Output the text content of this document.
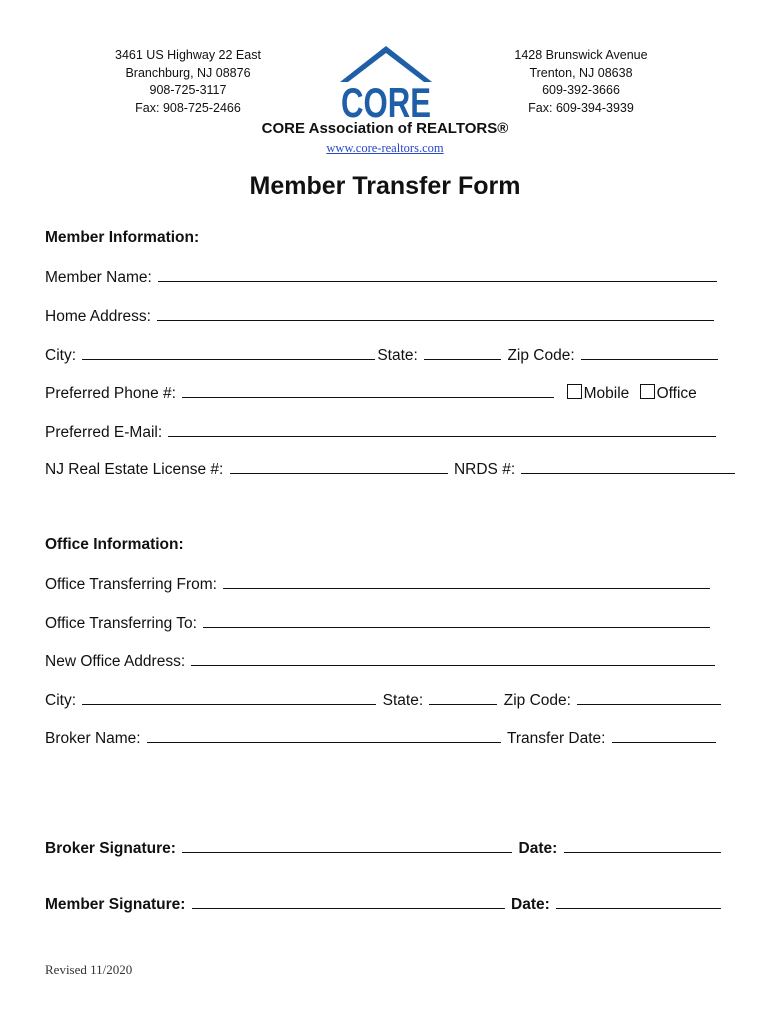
3461 US Highway 22 East
Branchburg, NJ 08876
908-725-3117
Fax: 908-725-2466
1428 Brunswick Avenue
Trenton, NJ 08638
609-392-3666
Fax: 609-394-3939
CORE
CORE Association of REALTORS®
www.core-realtors.com
Member Transfer Form
Member Information:
Member Name:
Home Address:
City:	State:	Zip Code:
Preferred Phone #:	Mobile Office
Preferred E-Mail:
NJ Real Estate License #:	NRDS #:
Office Information:
Office Transferring From:
Office Transferring To:
New Office Address:
City:	State:	Zip Code:
Broker Name:	Transfer Date:
Broker Signature:	Date:
Member Signature:	Date:
Revised 11/2020
